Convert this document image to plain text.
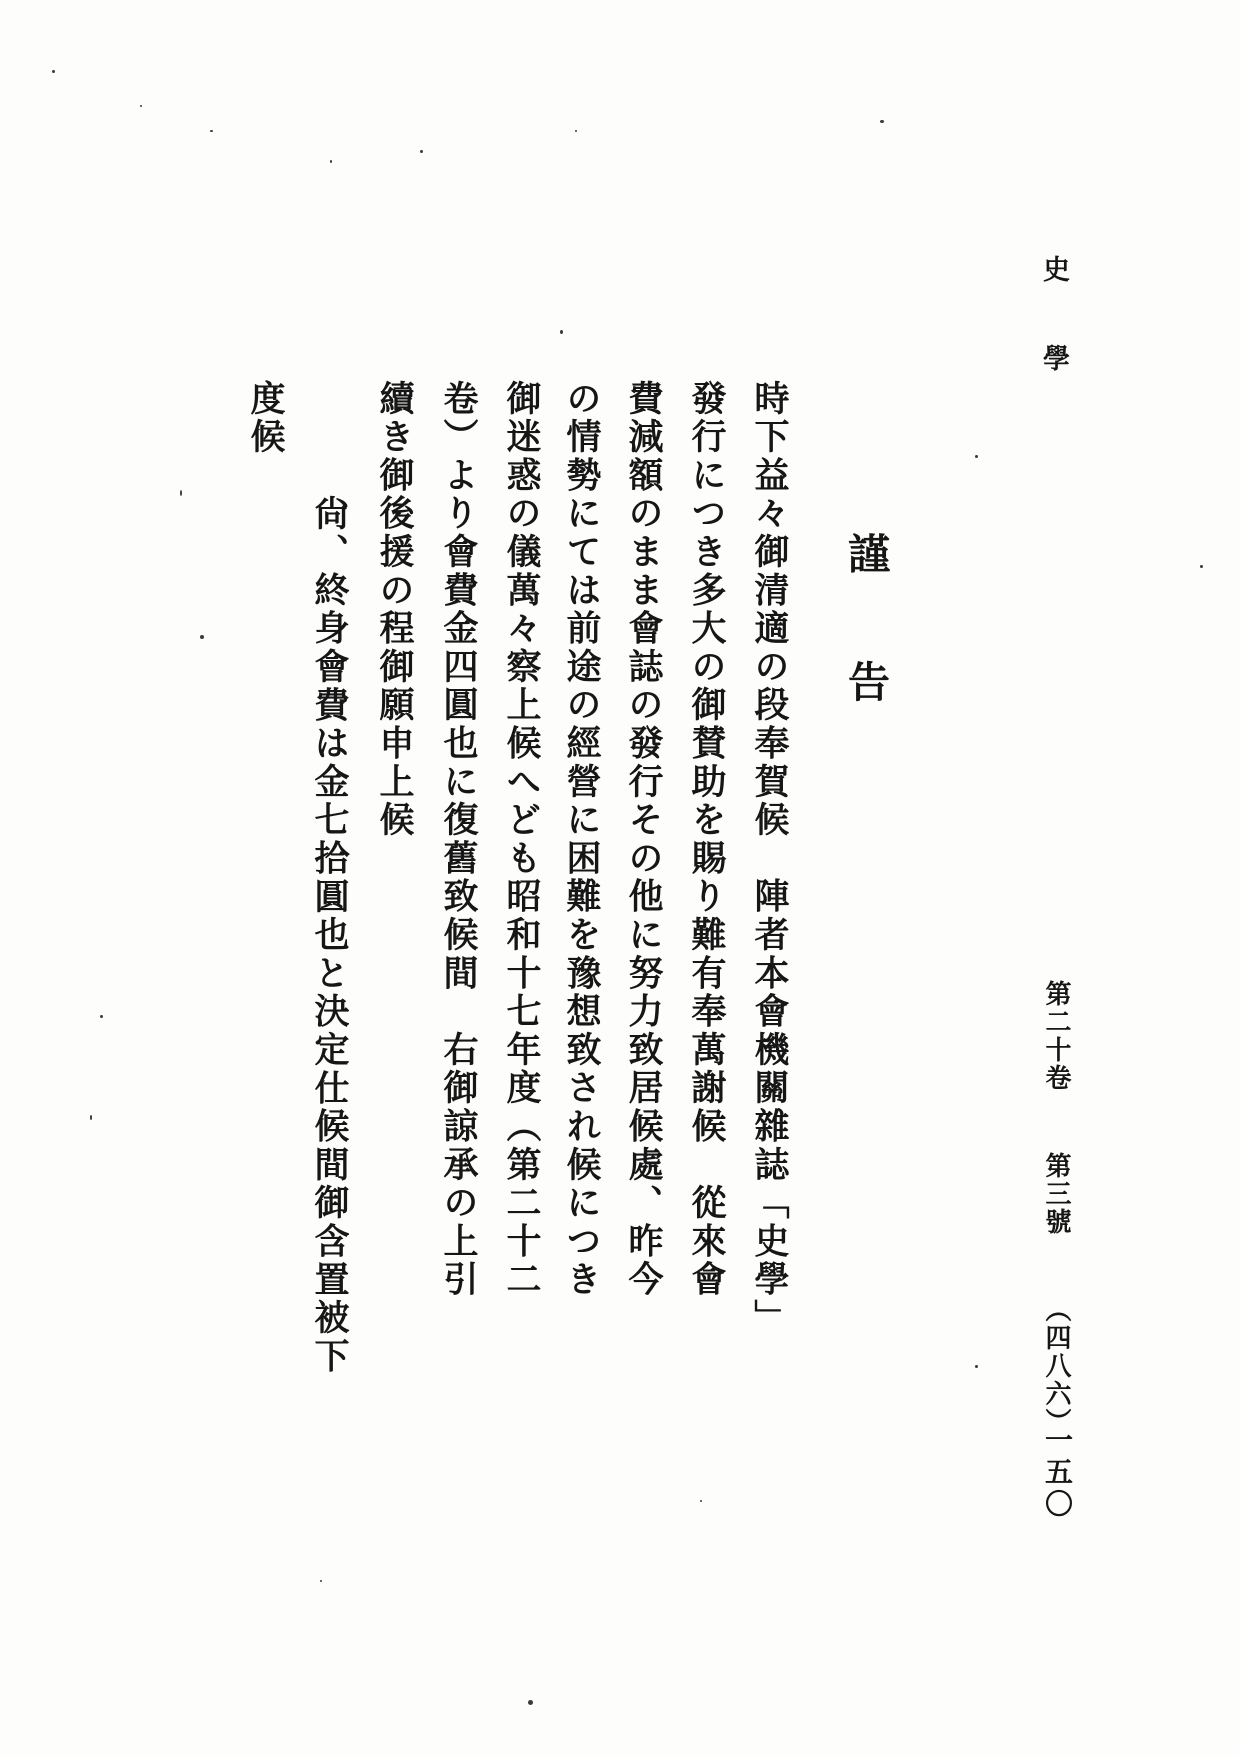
史學
第二十卷第三號（四八六）
一五〇
謹告
時下益々御清適の段奉賀候　陣者本會機關雜誌「史學」
發行につき多大の御賛助を賜り難有奉萬謝候　從來會
費減額のまま會誌の發行その他に努力致居候處、昨今
の情勢にては前途の經營に困難を豫想致され候につき
御迷惑の儀萬々察上候へども昭和十七年度（第二十二
卷）より會費金四圓也に復舊致候間　右御諒承の上引
續き御後援の程御願申上候
尙、終身會費は金七拾圓也と決定仕候間御含置被下
度候
